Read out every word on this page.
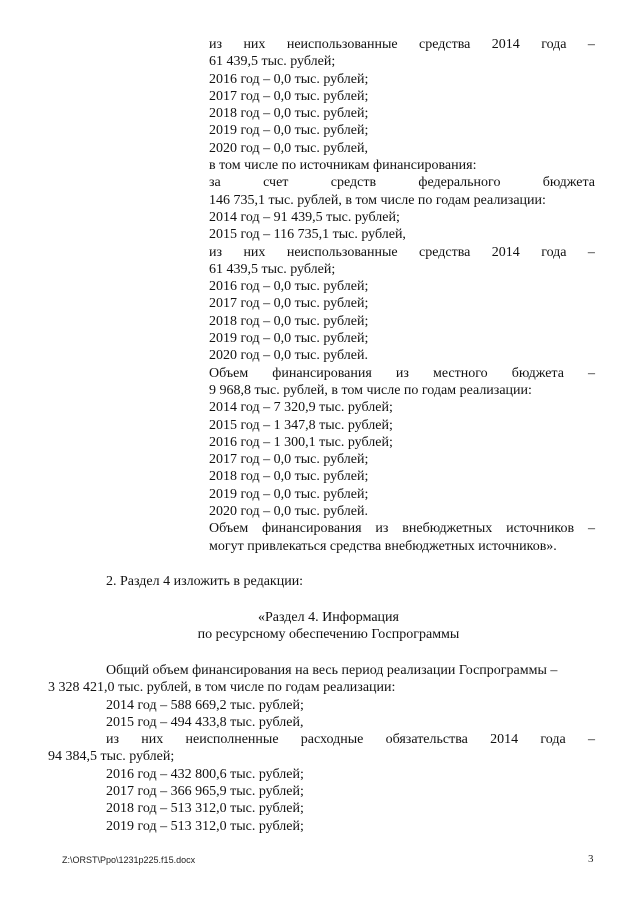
из них неиспользованные средства 2014 года –
61 439,5 тыс. рублей;
2016 год – 0,0 тыс. рублей;
2017 год – 0,0 тыс. рублей;
2018 год – 0,0 тыс. рублей;
2019 год – 0,0 тыс. рублей;
2020 год – 0,0 тыс. рублей,
в том числе по источникам финансирования:
за	счет	средств	федерального	бюджета
146 735,1 тыс. рублей, в том числе по годам реализации:
2014 год – 91 439,5 тыс. рублей;
2015 год – 116 735,1 тыс. рублей,
из них неиспользованные средства 2014 года –
61 439,5 тыс. рублей;
2016 год – 0,0 тыс. рублей;
2017 год – 0,0 тыс. рублей;
2018 год – 0,0 тыс. рублей;
2019 год – 0,0 тыс. рублей;
2020 год – 0,0 тыс. рублей.
Объем финансирования из местного бюджета –
9 968,8 тыс. рублей, в том числе по годам реализации:
2014 год – 7 320,9 тыс. рублей;
2015 год – 1 347,8 тыс. рублей;
2016 год – 1 300,1 тыс. рублей;
2017 год – 0,0 тыс. рублей;
2018 год – 0,0 тыс. рублей;
2019 год – 0,0 тыс. рублей;
2020 год – 0,0 тыс. рублей.
Объем финансирования из внебюджетных источников –
могут привлекаться средства внебюджетных источников».
2. Раздел 4 изложить в редакции:
«Раздел 4. Информация
по ресурсному обеспечению Госпрограммы
Общий объем финансирования на весь период реализации Госпрограммы –
3 328 421,0 тыс. рублей, в том числе по годам реализации:
2014 год – 588 669,2 тыс. рублей;
2015 год – 494 433,8 тыс. рублей,
из них неисполненные расходные обязательства 2014 года –
94 384,5 тыс. рублей;
2016 год – 432 800,6 тыс. рублей;
2017 год – 366 965,9 тыс. рублей;
2018 год – 513 312,0 тыс. рублей;
2019 год – 513 312,0 тыс. рублей;
Z:\ORST\Ppo\1231p225.f15.docx	3
